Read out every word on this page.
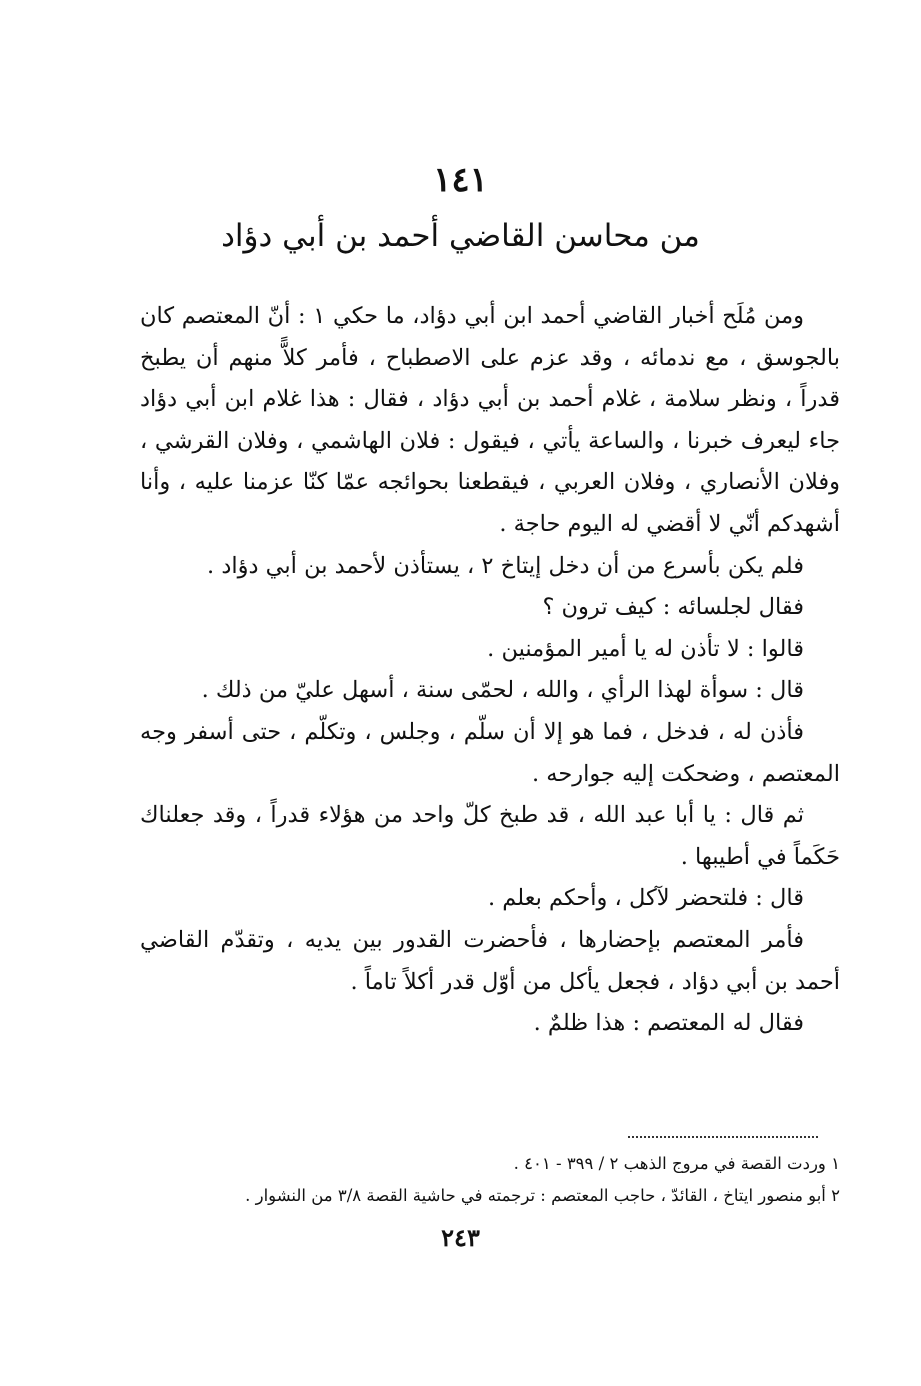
١٤١
من محاسن القاضي أحمد بن أبي دؤاد

ومن مُلَح أخبار القاضي أحمد ابن أبي دؤاد، ما حكي ١ : أنّ المعتصم كان بالجوسق ، مع ندمائه ، وقد عزم على الاصطباح ، فأمر كلاًّ منهم أن يطبخ قدراً ، ونظر سلامة ، غلام أحمد بن أبي دؤاد ، فقال : هذا غلام ابن أبي دؤاد جاء ليعرف خبرنا ، والساعة يأتي ، فيقول : فلان الهاشمي ، وفلان القرشي ، وفلان الأنصاري ، وفلان العربي ، فيقطعنا بحوائجه عمّا كنّا عزمنا عليه ، وأنا أشهدكم أنّي لا أقضي له اليوم حاجة .

فلم يكن بأسرع من أن دخل إيتاخ ٢ ، يستأذن لأحمد بن أبي دؤاد .

فقال لجلسائه : كيف ترون ؟

قالوا : لا تأذن له يا أمير المؤمنين .

قال : سوأة لهذا الرأي ، والله ، لحمّى سنة ، أسهل عليّ من ذلك .

فأذن له ، فدخل ، فما هو إلا أن سلّم ، وجلس ، وتكلّم ، حتى أسفر وجه المعتصم ، وضحكت إليه جوارحه .

ثم قال : يا أبا عبد الله ، قد طبخ كلّ واحد من هؤلاء قدراً ، وقد جعلناك حَكَماً في أطيبها .

قال : فلتحضر لآكل ، وأحكم بعلم .

فأمر المعتصم بإحضارها ، فأحضرت القدور بين يديه ، وتقدّم القاضي أحمد بن أبي دؤاد ، فجعل يأكل من أوّل قدر أكلاً تاماً .

فقال له المعتصم : هذا ظلمٌ .

١ وردت القصة في مروج الذهب ٢ / ٣٩٩ - ٤٠١ .
٢ أبو منصور ايتاخ ، القائدّ ، حاجب المعتصم : ترجمته في حاشية القصة ٣/٨ من النشوار .
٢٤٣
